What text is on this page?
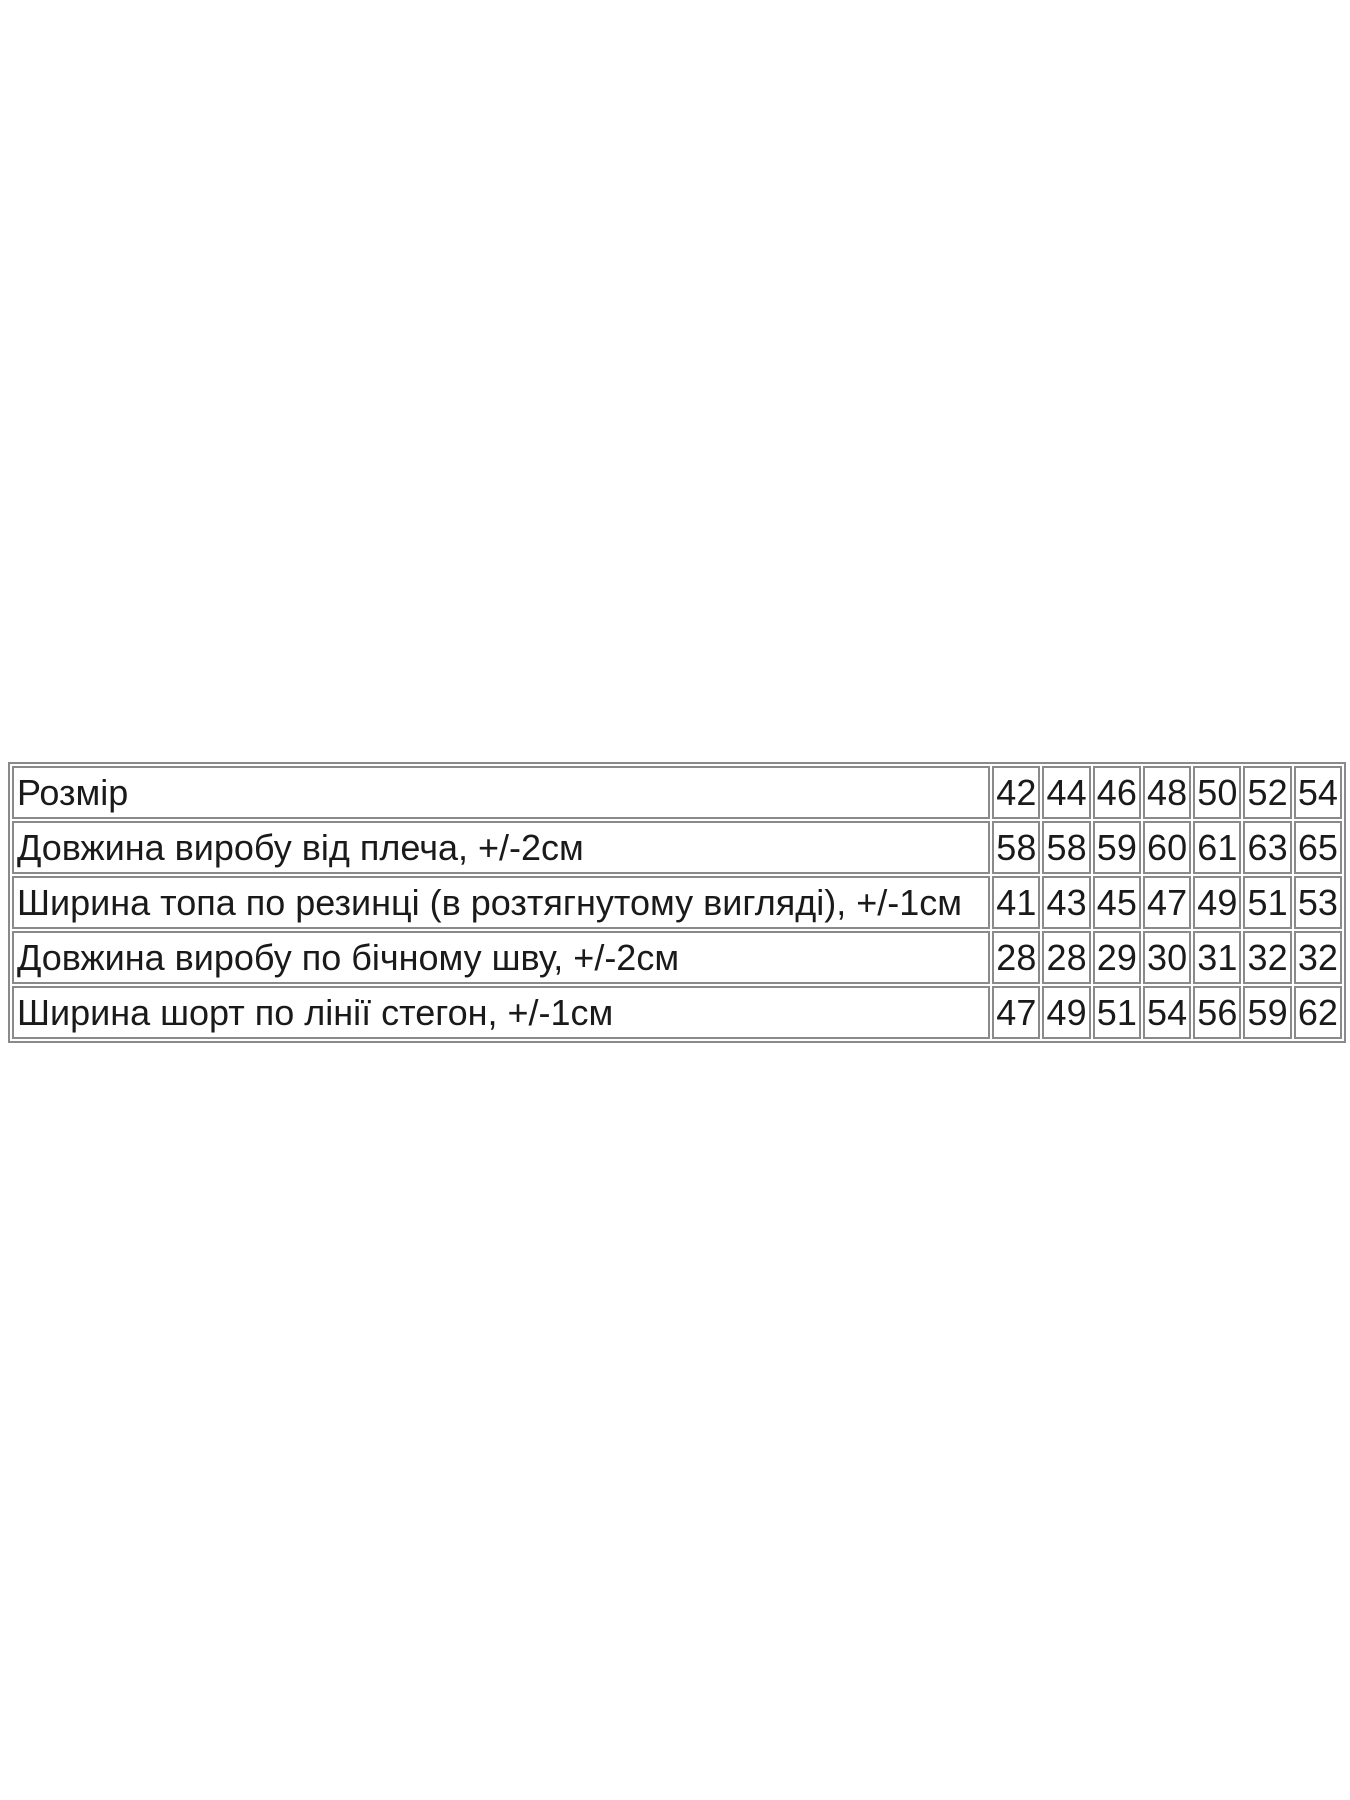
Розмір	42	44	46	48	50	52	54
Довжина виробу від плеча, +/-2см	58	58	59	60	61	63	65
Ширина топа по резинці (в розтягнутому вигляді), +/-1см	41	43	45	47	49	51	53
Довжина виробу по бічному шву, +/-2см	28	28	29	30	31	32	32
Ширина шорт по лінії стегон, +/-1см	47	49	51	54	56	59	62
